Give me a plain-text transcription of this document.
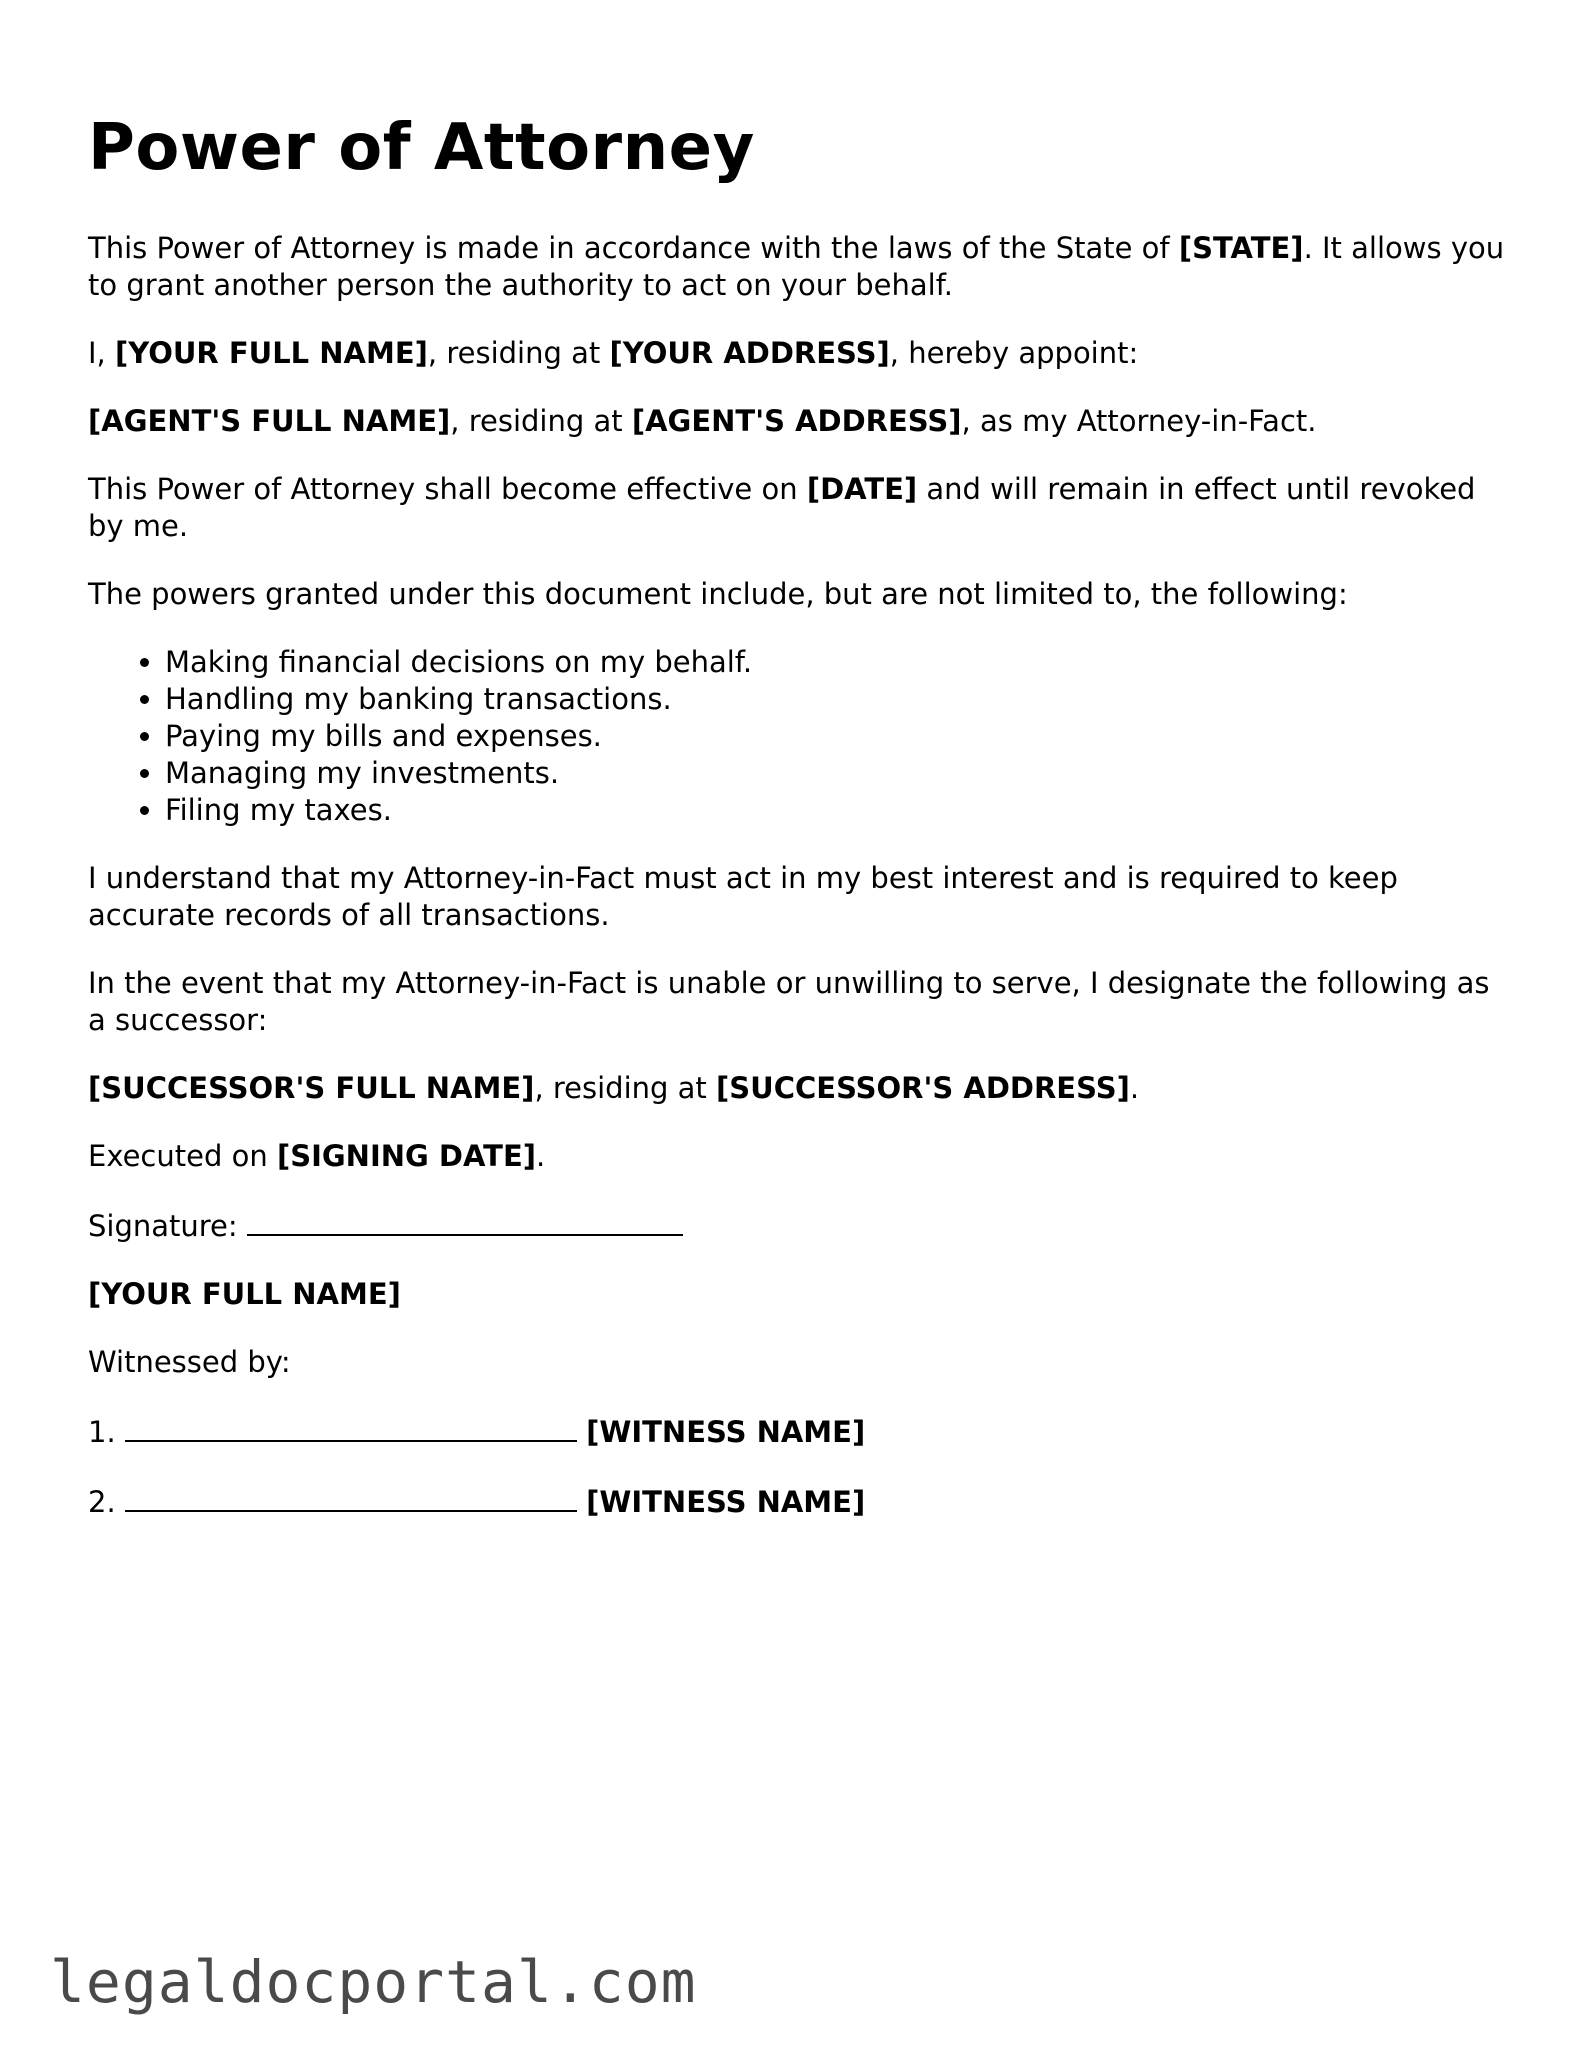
Power of Attorney

This Power of Attorney is made in accordance with the laws of the State of [STATE]. It allows you to grant another person the authority to act on your behalf.

I, [YOUR FULL NAME], residing at [YOUR ADDRESS], hereby appoint:

[AGENT'S FULL NAME], residing at [AGENT'S ADDRESS], as my Attorney-in-Fact.

This Power of Attorney shall become effective on [DATE] and will remain in effect until revoked by me.

The powers granted under this document include, but are not limited to, the following:

• Making financial decisions on my behalf.
• Handling my banking transactions.
• Paying my bills and expenses.
• Managing my investments.
• Filing my taxes.

I understand that my Attorney-in-Fact must act in my best interest and is required to keep accurate records of all transactions.

In the event that my Attorney-in-Fact is unable or unwilling to serve, I designate the following as a successor:

[SUCCESSOR'S FULL NAME], residing at [SUCCESSOR'S ADDRESS].

Executed on [SIGNING DATE].

Signature:

[YOUR FULL NAME]

Witnessed by:

1.	[WITNESS NAME]

2.	[WITNESS NAME]

legaldocportal.com
